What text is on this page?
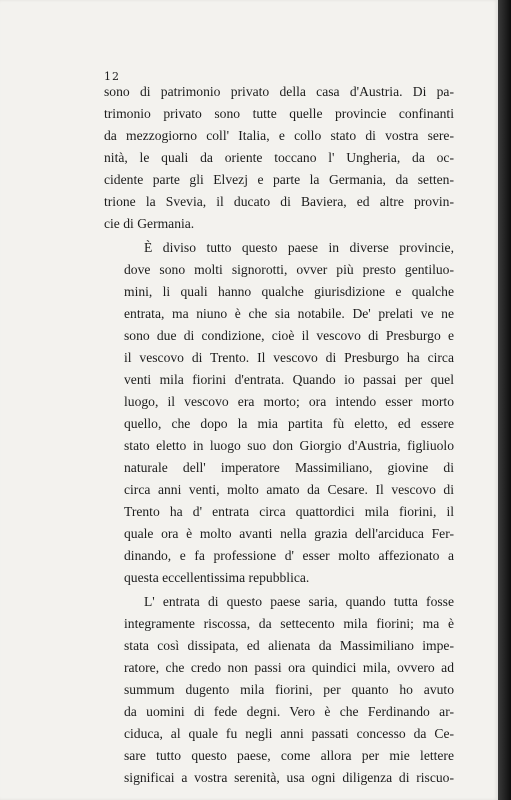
12

sono di patrimonio privato della casa d'Austria. Di pa-
trimonio privato sono tutte quelle provincie confinanti
da mezzogiorno coll' Italia, e collo stato di vostra sere-
nità, le quali da oriente toccano l' Ungheria, da oc-
cidente parte gli Elvezj e parte la Germania, da setten-
trione la Svevia, il ducato di Baviera, ed altre provin-
cie di Germania.

È diviso tutto questo paese in diverse provincie,
dove sono molti signorotti, ovver più presto gentiluo-
mini, li quali hanno qualche giurisdizione e qualche
entrata, ma niuno è che sia notabile. De' prelati ve ne
sono due di condizione, cioè il vescovo di Presburgo e
il vescovo di Trento. Il vescovo di Presburgo ha circa
venti mila fiorini d'entrata. Quando io passai per quel
luogo, il vescovo era morto; ora intendo esser morto
quello, che dopo la mia partita fù eletto, ed essere
stato eletto in luogo suo don Giorgio d'Austria, figliuolo
naturale dell' imperatore Massimiliano, giovine di
circa anni venti, molto amato da Cesare. Il vescovo di
Trento ha d' entrata circa quattordici mila fiorini, il
quale ora è molto avanti nella grazia dell'arciduca Fer-
dinando, e fa professione d' esser molto affezionato a
questa eccellentissima repubblica.

L' entrata di questo paese saria, quando tutta fosse
integramente riscossa, da settecento mila fiorini; ma è
stata così dissipata, ed alienata da Massimiliano impe-
ratore, che credo non passi ora quindici mila, ovvero ad
summum dugento mila fiorini, per quanto ho avuto
da uomini di fede degni. Vero è che Ferdinando ar-
ciduca, al quale fu negli anni passati concesso da Ce-
sare tutto questo paese, come allora per mie lettere
significai a vostra serenità, usa ogni diligenza di riscuo-
